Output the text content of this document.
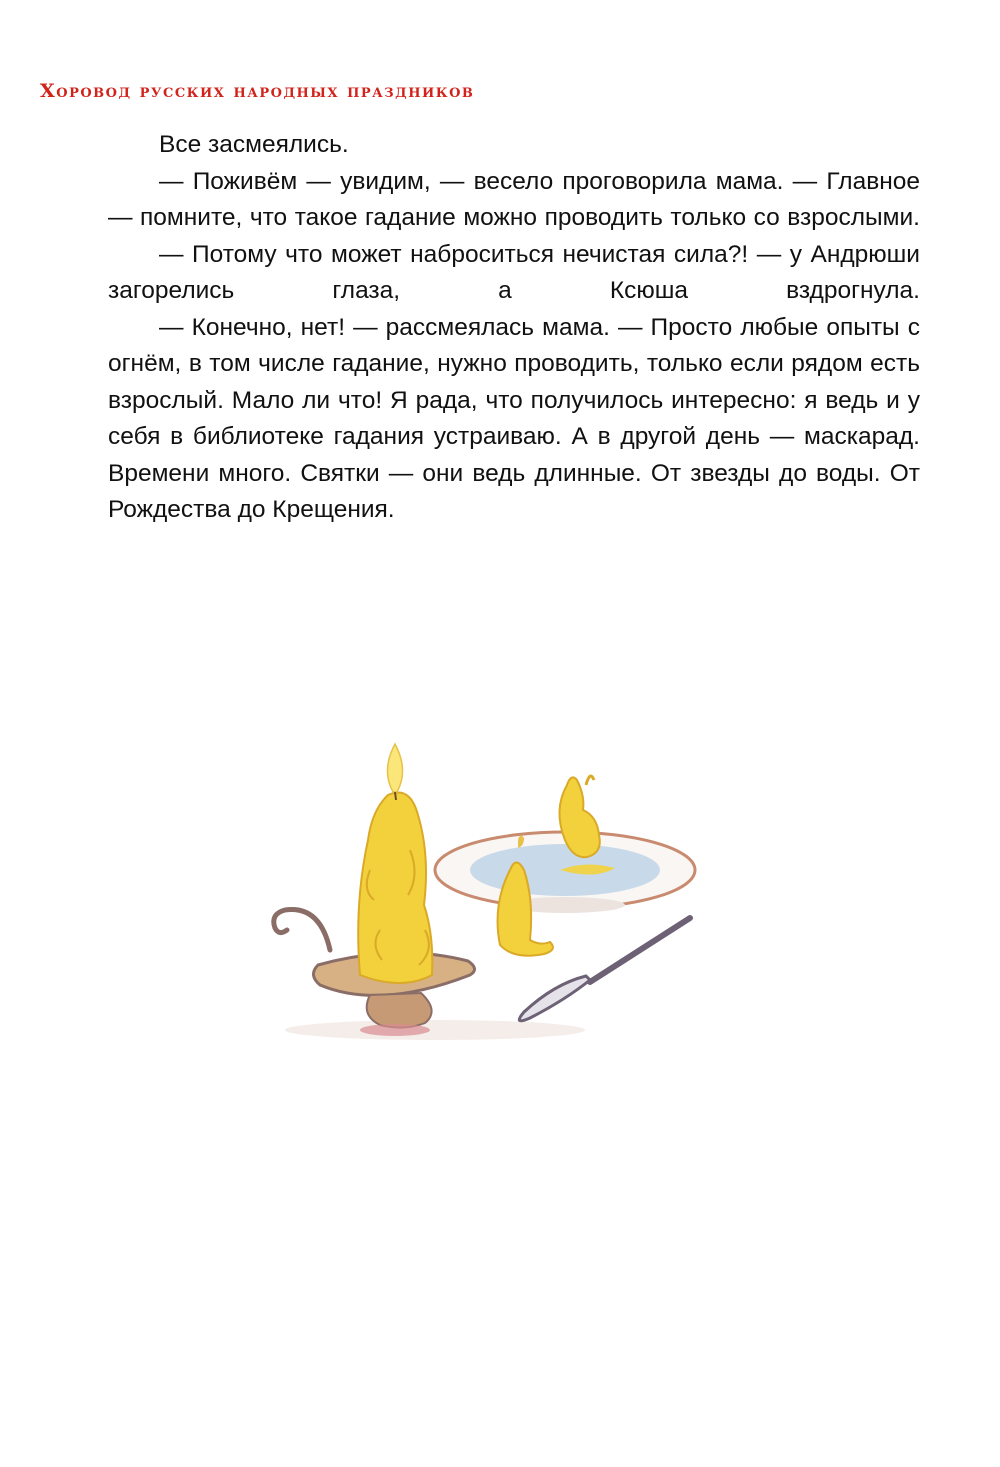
Хоровод русских народных праздников

Все засмеялись.

— Поживём — увидим, — весело проговорила мама. — Главное — помните, что такое гадание можно проводить только со взрослыми.

— Потому что может наброситься нечистая сила?! — у Андрюши загорелись глаза, а Ксюша вздрогнула.

— Конечно, нет! — рассмеялась мама. — Просто любые опыты с огнём, в том числе гадание, нужно проводить, только если рядом есть взрослый. Мало ли что! Я рада, что получилось интересно: я ведь и у себя в библиотеке гадания устраиваю. А в другой день — маскарад. Времени много. Святки — они ведь длинные. От звезды до воды. От Рождества до Крещения.
